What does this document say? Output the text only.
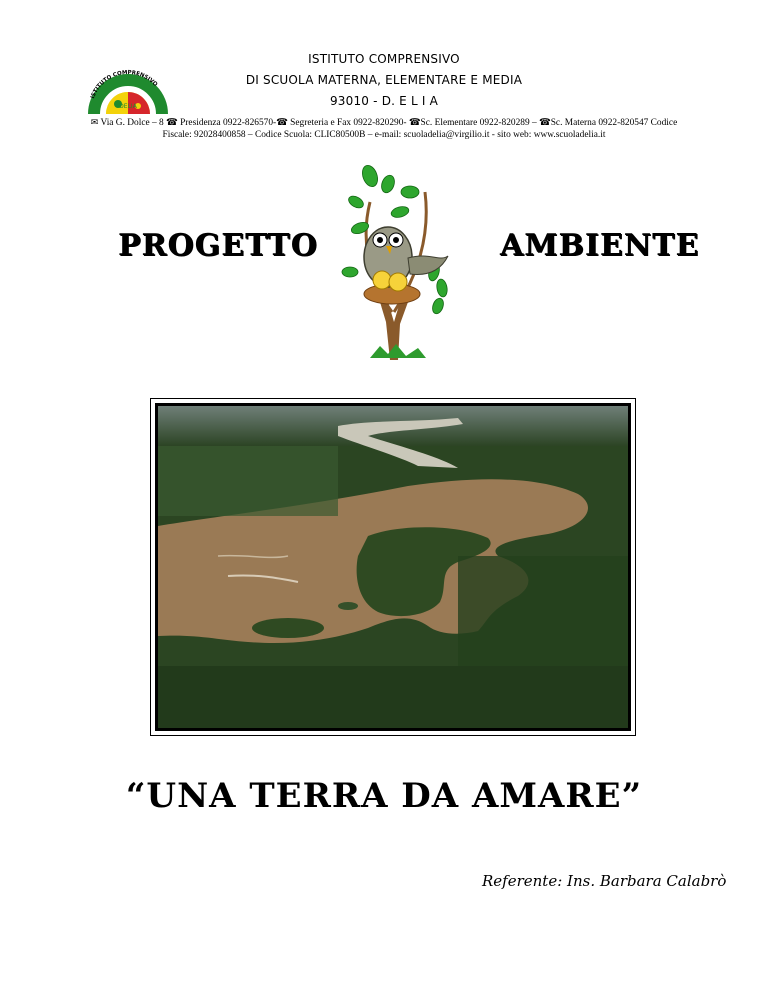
DELIA
ISTITUTO COMPRENSIVO
ISTITUTO COMPRENSIVO
DI SCUOLA MATERNA, ELEMENTARE E MEDIA
93010 - D. E L I A
✉ Via G. Dolce – 8 ☎ Presidenza 0922-826570-☎ Segreteria e Fax 0922-820290- ☎Sc. Elementare 0922-820289 – ☎Sc. Materna 0922-820547 Codice
Fiscale: 92028400858 – Codice Scuola: CLIC80500B – e-mail: scuoladelia@virgilio.it - sito web: www.scuoladelia.it
PROGETTO	AMBIENTE
“UNA TERRA DA AMARE”
Referente: Ins. Barbara Calabrò
